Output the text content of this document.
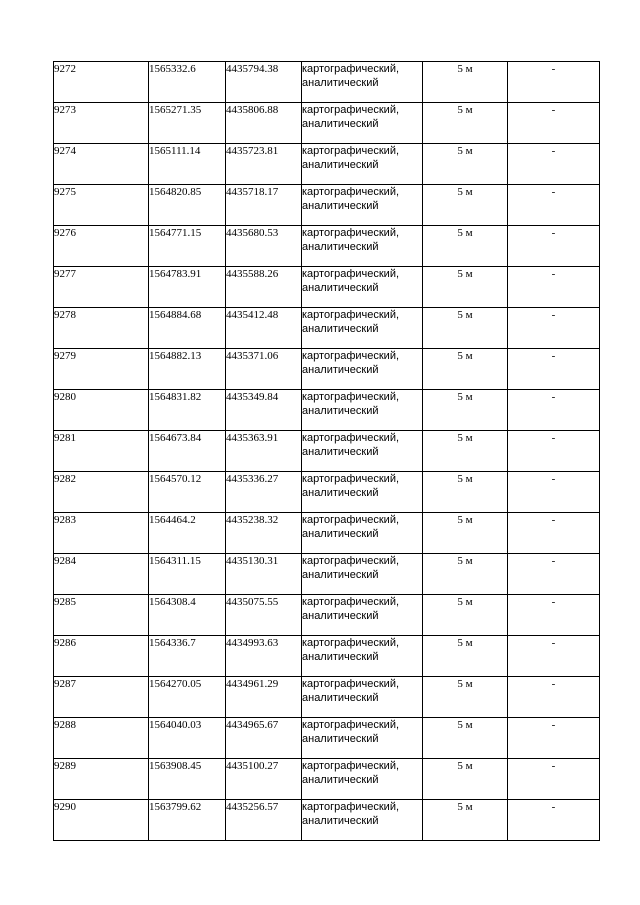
9272	1565332.6	4435794.38	картографический, аналитический	5 м	-
9273	1565271.35	4435806.88	картографический, аналитический	5 м	-
9274	1565111.14	4435723.81	картографический, аналитический	5 м	-
9275	1564820.85	4435718.17	картографический, аналитический	5 м	-
9276	1564771.15	4435680.53	картографический, аналитический	5 м	-
9277	1564783.91	4435588.26	картографический, аналитический	5 м	-
9278	1564884.68	4435412.48	картографический, аналитический	5 м	-
9279	1564882.13	4435371.06	картографический, аналитический	5 м	-
9280	1564831.82	4435349.84	картографический, аналитический	5 м	-
9281	1564673.84	4435363.91	картографический, аналитический	5 м	-
9282	1564570.12	4435336.27	картографический, аналитический	5 м	-
9283	1564464.2	4435238.32	картографический, аналитический	5 м	-
9284	1564311.15	4435130.31	картографический, аналитический	5 м	-
9285	1564308.4	4435075.55	картографический, аналитический	5 м	-
9286	1564336.7	4434993.63	картографический, аналитический	5 м	-
9287	1564270.05	4434961.29	картографический, аналитический	5 м	-
9288	1564040.03	4434965.67	картографический, аналитический	5 м	-
9289	1563908.45	4435100.27	картографический, аналитический	5 м	-
9290	1563799.62	4435256.57	картографический, аналитический	5 м	-
